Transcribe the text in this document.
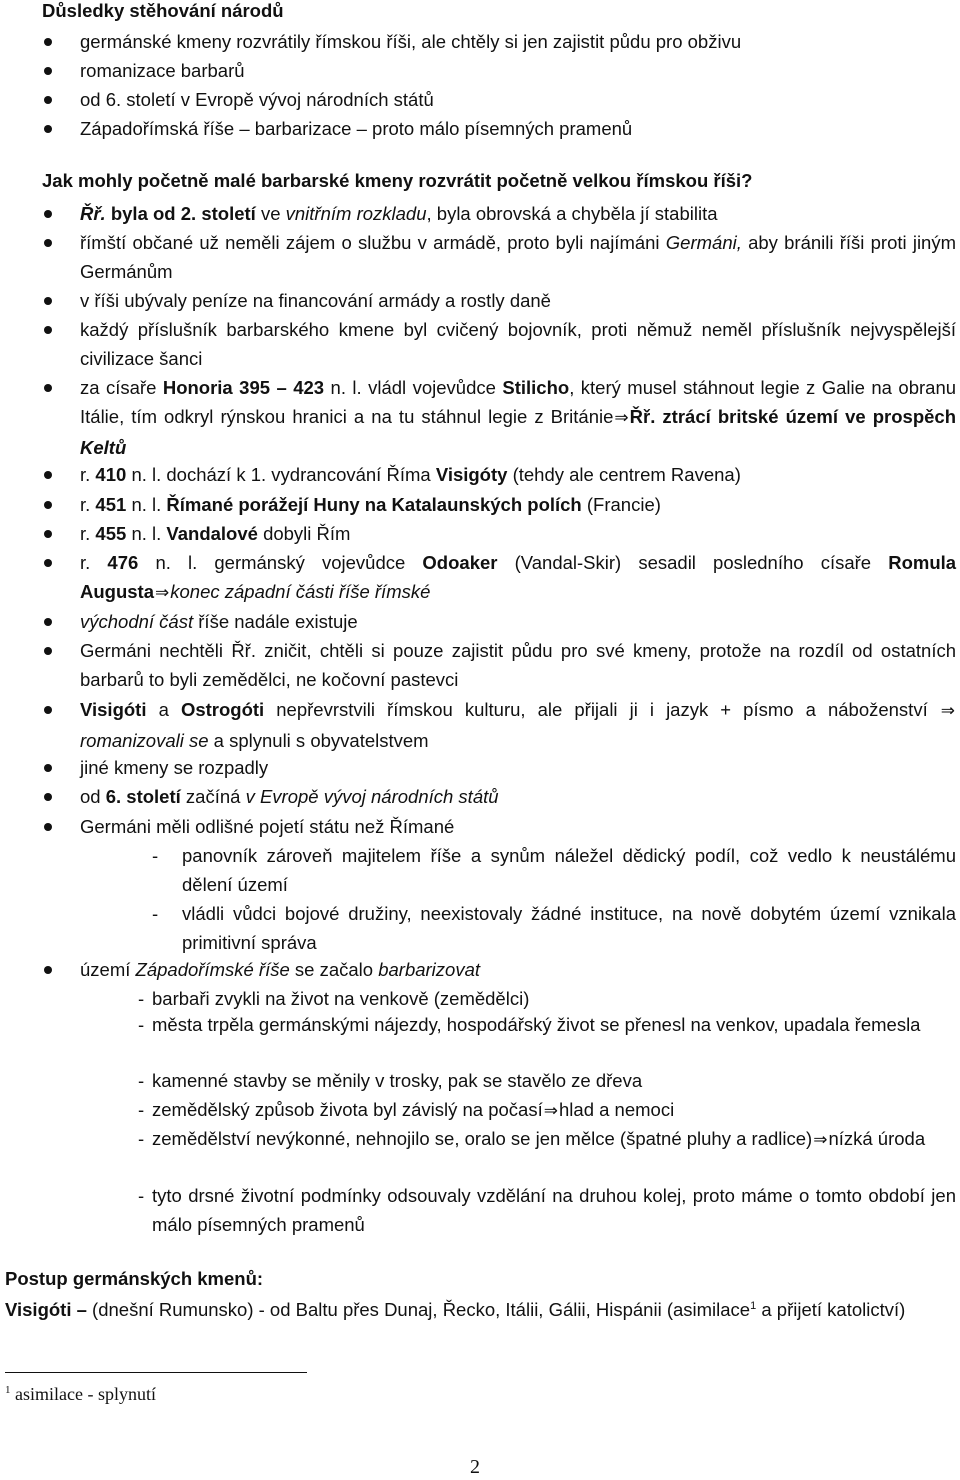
Důsledky stěhování národů
germánské kmeny rozvrátily římskou říši, ale chtěly si jen zajistit půdu pro obživu
romanizace barbarů
od 6. století v Evropě vývoj národních států
Západořímská říše – barbarizace – proto málo písemných pramenů
Jak mohly početně malé barbarské kmeny rozvrátit početně velkou římskou říši?
Řř. byla od 2. století ve vnitřním rozkladu, byla obrovská a chyběla jí stabilita
římští občané už neměli zájem o službu v armádě, proto byli najímáni Germáni, aby bránili říši proti jiným Germánům
v říši ubývaly peníze na financování armády a rostly daně
každý příslušník barbarského kmene byl cvičený bojovník, proti němuž neměl příslušník nejvyspělejší civilizace šanci
za císaře Honoria 395 – 423 n. l. vládl vojevůdce Stilicho, který musel stáhnout legie z Galie na obranu Itálie, tím odkryl rýnskou hranici a na tu stáhnul legie z Británie⇒Řř. ztrácí britské území ve prospěch Keltů
r. 410 n. l. dochází k 1. vydrancování Říma Visigóty (tehdy ale centrem Ravena)
r. 451 n. l. Římané porážejí Huny na Katalaunských polích (Francie)
r. 455 n. l. Vandalové dobyli Řím
r. 476 n. l. germánský vojevůdce Odoaker (Vandal-Skir) sesadil posledního císaře Romula Augusta⇒konec západní části říše římské
východní část říše nadále existuje
Germáni nechtěli Řř. zničit, chtěli si pouze zajistit půdu pro své kmeny, protože na rozdíl od ostatních barbarů to byli zemědělci, ne kočovní pastevci
Visigóti a Ostrogóti nepřevrstvili římskou kulturu, ale přijali ji i jazyk + písmo a náboženství ⇒ romanizovali se a splynuli s obyvatelstvem
jiné kmeny se rozpadly
od 6. století začíná v Evropě vývoj národních států
Germáni měli odlišné pojetí státu než Římané
- panovník zároveň majitelem říše a synům náležel dědický podíl, což vedlo k neustálému dělení území
- vládli vůdci bojové družiny, neexistovaly žádné instituce, na nově dobytém území vznikala primitivní správa
území Západořímské říše se začalo barbarizovat
- barbaři zvykli na život na venkově (zemědělci)
- města trpěla germánskými nájezdy, hospodářský život se přenesl na venkov, upadala řemesla
- kamenné stavby se měnily v trosky, pak se stavělo ze dřeva
- zemědělský způsob života byl závislý na počasí⇒hlad a nemoci
- zemědělství nevýkonné, nehnojilo se, oralo se jen mělce (špatné pluhy a radlice)⇒nízká úroda
- tyto drsné životní podmínky odsouvaly vzdělání na druhou kolej, proto máme o tomto období jen málo písemných pramenů
Postup germánských kmenů:
Visigóti – (dnešní Rumunsko) - od Baltu přes Dunaj, Řecko, Itálii, Gálii, Hispánii (asimilace$^1$ a přijetí katolictví)
$^1$ asimilace - splynutí
2
